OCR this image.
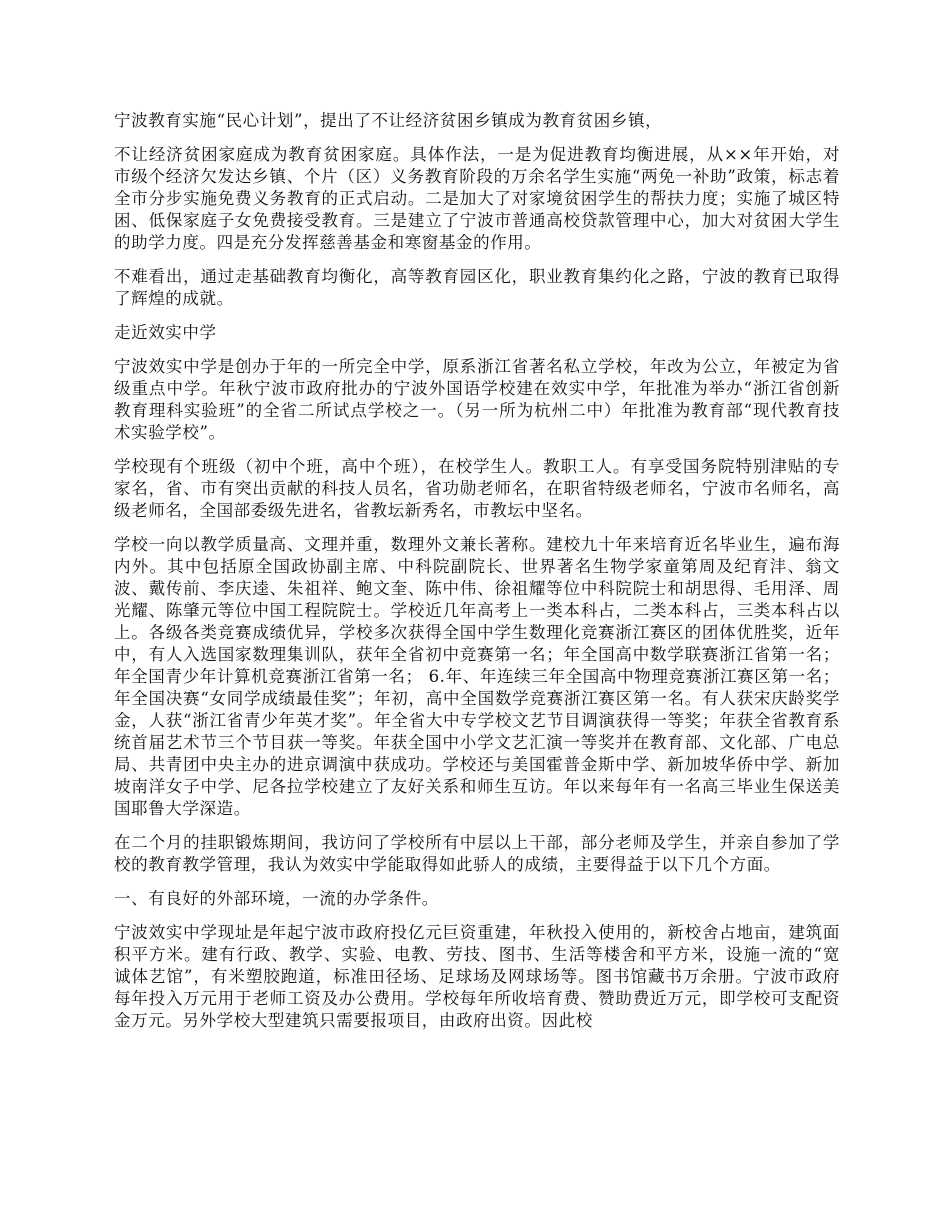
宁波教育实施“民心计划”，提出了不让经济贫困乡镇成为教育贫困乡镇，

不让经济贫困家庭成为教育贫困家庭。具体作法，一是为促进教育均衡进展，从××年开始，对市级个经济欠发达乡镇、个片（区）义务教育阶段的万余名学生实施“两免一补助”政策，标志着全市分步实施免费义务教育的正式启动。二是加大了对家境贫困学生的帮扶力度；实施了城区特困、低保家庭子女免费接受教育。三是建立了宁波市普通高校贷款管理中心，加大对贫困大学生的助学力度。四是充分发挥慈善基金和寒窗基金的作用。

不难看出，通过走基础教育均衡化，高等教育园区化，职业教育集约化之路，宁波的教育已取得了辉煌的成就。

走近效实中学

宁波效实中学是创办于年的一所完全中学，原系浙江省著名私立学校，年改为公立，年被定为省级重点中学。年秋宁波市政府批办的宁波外国语学校建在效实中学，年批准为举办“浙江省创新教育理科实验班”的全省二所试点学校之一。（另一所为杭州二中）年批准为教育部“现代教育技术实验学校”。

学校现有个班级（初中个班，高中个班），在校学生人。教职工人。有享受国务院特别津贴的专家名，省、市有突出贡献的科技人员名，省功勋老师名，在职省特级老师名，宁波市名师名，高级老师名，全国部委级先进名，省教坛新秀名，市教坛中坚名。

学校一向以教学质量高、文理并重，数理外文兼长著称。建校九十年来培育近名毕业生，遍布海内外。其中包括原全国政协副主席、中科院副院长、世界著名生物学家童第周及纪育沣、翁文波、戴传前、李庆逵、朱祖祥、鲍文奎、陈中伟、徐祖耀等位中科院院士和胡思得、毛用泽、周光耀、陈肇元等位中国工程院院士。学校近几年高考上一类本科占，二类本科占，三类本科占以上。各级各类竞赛成绩优异，学校多次获得全国中学生数理化竞赛浙江赛区的团体优胜奖，近年中，有人入选国家数理集训队，获年全省初中竞赛第一名；年全国高中数学联赛浙江省第一名；年全国青少年计算机竞赛浙江省第一名； 6.年、年连续三年全国高中物理竞赛浙江赛区第一名；年全国决赛“女同学成绩最佳奖”；年初，高中全国数学竞赛浙江赛区第一名。有人获宋庆龄奖学金，人获“浙江省青少年英才奖”。年全省大中专学校文艺节目调演获得一等奖；年获全省教育系统首届艺术节三个节目获一等奖。年获全国中小学文艺汇演一等奖并在教育部、文化部、广电总局、共青团中央主办的进京调演中获成功。学校还与美国霍普金斯中学、新加坡华侨中学、新加坡南洋女子中学、尼各拉学校建立了友好关系和师生互访。年以来每年有一名高三毕业生保送美国耶鲁大学深造。

在二个月的挂职锻炼期间，我访问了学校所有中层以上干部，部分老师及学生，并亲自参加了学校的教育教学管理，我认为效实中学能取得如此骄人的成绩，主要得益于以下几个方面。

一、有良好的外部环境，一流的办学条件。

宁波效实中学现址是年起宁波市政府投亿元巨资重建，年秋投入使用的，新校舍占地亩，建筑面积平方米。建有行政、教学、实验、电教、劳技、图书、生活等楼舍和平方米，设施一流的“宽诚体艺馆”，有米塑胶跑道，标准田径场、足球场及网球场等。图书馆藏书万余册。宁波市政府每年投入万元用于老师工资及办公费用。学校每年所收培育费、赞助费近万元，即学校可支配资金万元。另外学校大型建筑只需要报项目，由政府出资。因此校
